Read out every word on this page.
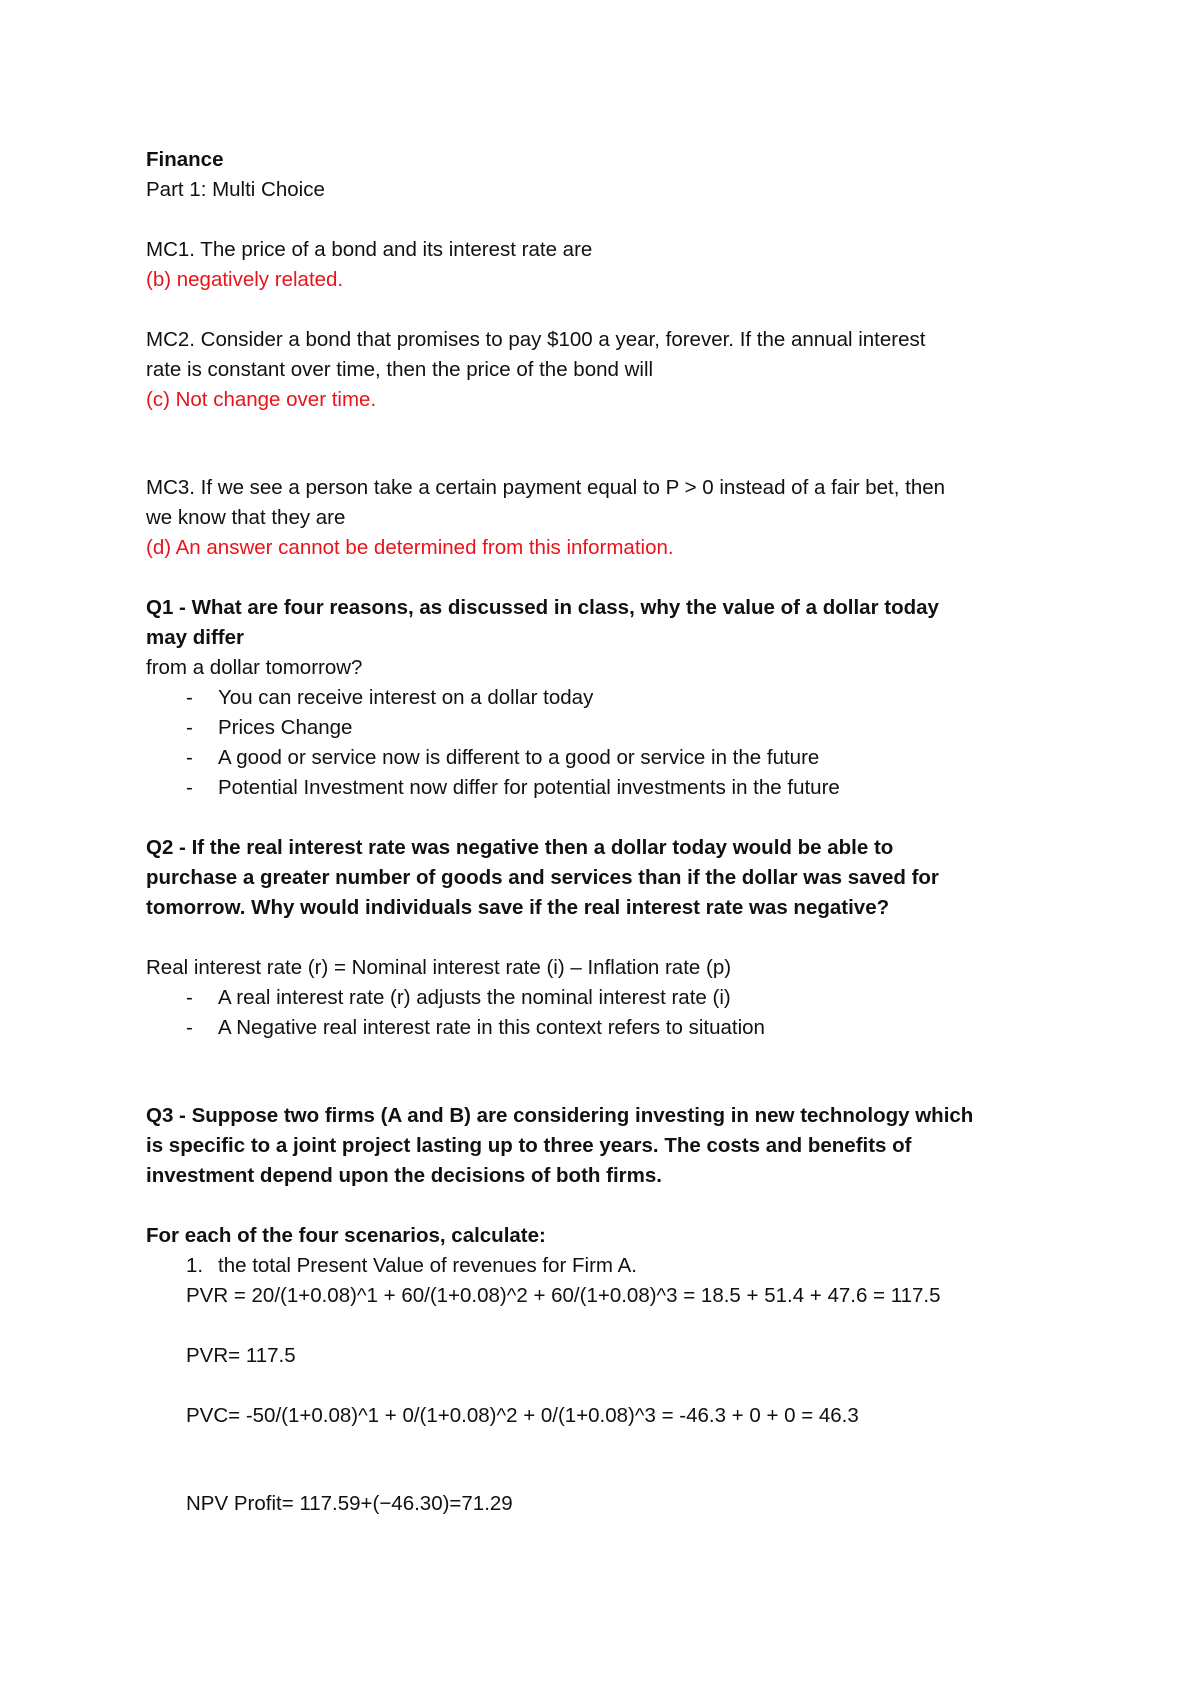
Finance
Part 1: Multi Choice
MC1. The price of a bond and its interest rate are
(b) negatively related.
MC2. Consider a bond that promises to pay $100 a year, forever. If the annual interest
rate is constant over time, then the price of the bond will
(c) Not change over time.
MC3. If we see a person take a certain payment equal to P > 0 instead of a fair bet, then
we know that they are
(d) An answer cannot be determined from this information.
Q1 - What are four reasons, as discussed in class, why the value of a dollar today
may differ
from a dollar tomorrow?
- You can receive interest on a dollar today
- Prices Change
- A good or service now is different to a good or service in the future
- Potential Investment now differ for potential investments in the future
Q2 - If the real interest rate was negative then a dollar today would be able to
purchase a greater number of goods and services than if the dollar was saved for
tomorrow. Why would individuals save if the real interest rate was negative?
Real interest rate (r) = Nominal interest rate (i) – Inflation rate (p)
- A real interest rate (r) adjusts the nominal interest rate (i)
- A Negative real interest rate in this context refers to situation
Q3 - Suppose two firms (A and B) are considering investing in new technology which
is specific to a joint project lasting up to three years. The costs and benefits of
investment depend upon the decisions of both firms.
For each of the four scenarios, calculate:
1. the total Present Value of revenues for Firm A.
PVR = 20/(1+0.08)^1 + 60/(1+0.08)^2 + 60/(1+0.08)^3 = 18.5 + 51.4 + 47.6 = 117.5
PVR= 117.5
PVC= -50/(1+0.08)^1 + 0/(1+0.08)^2 + 0/(1+0.08)^3 = -46.3 + 0 + 0 = 46.3
NPV Profit= 117.59+(−46.30)=71.29
